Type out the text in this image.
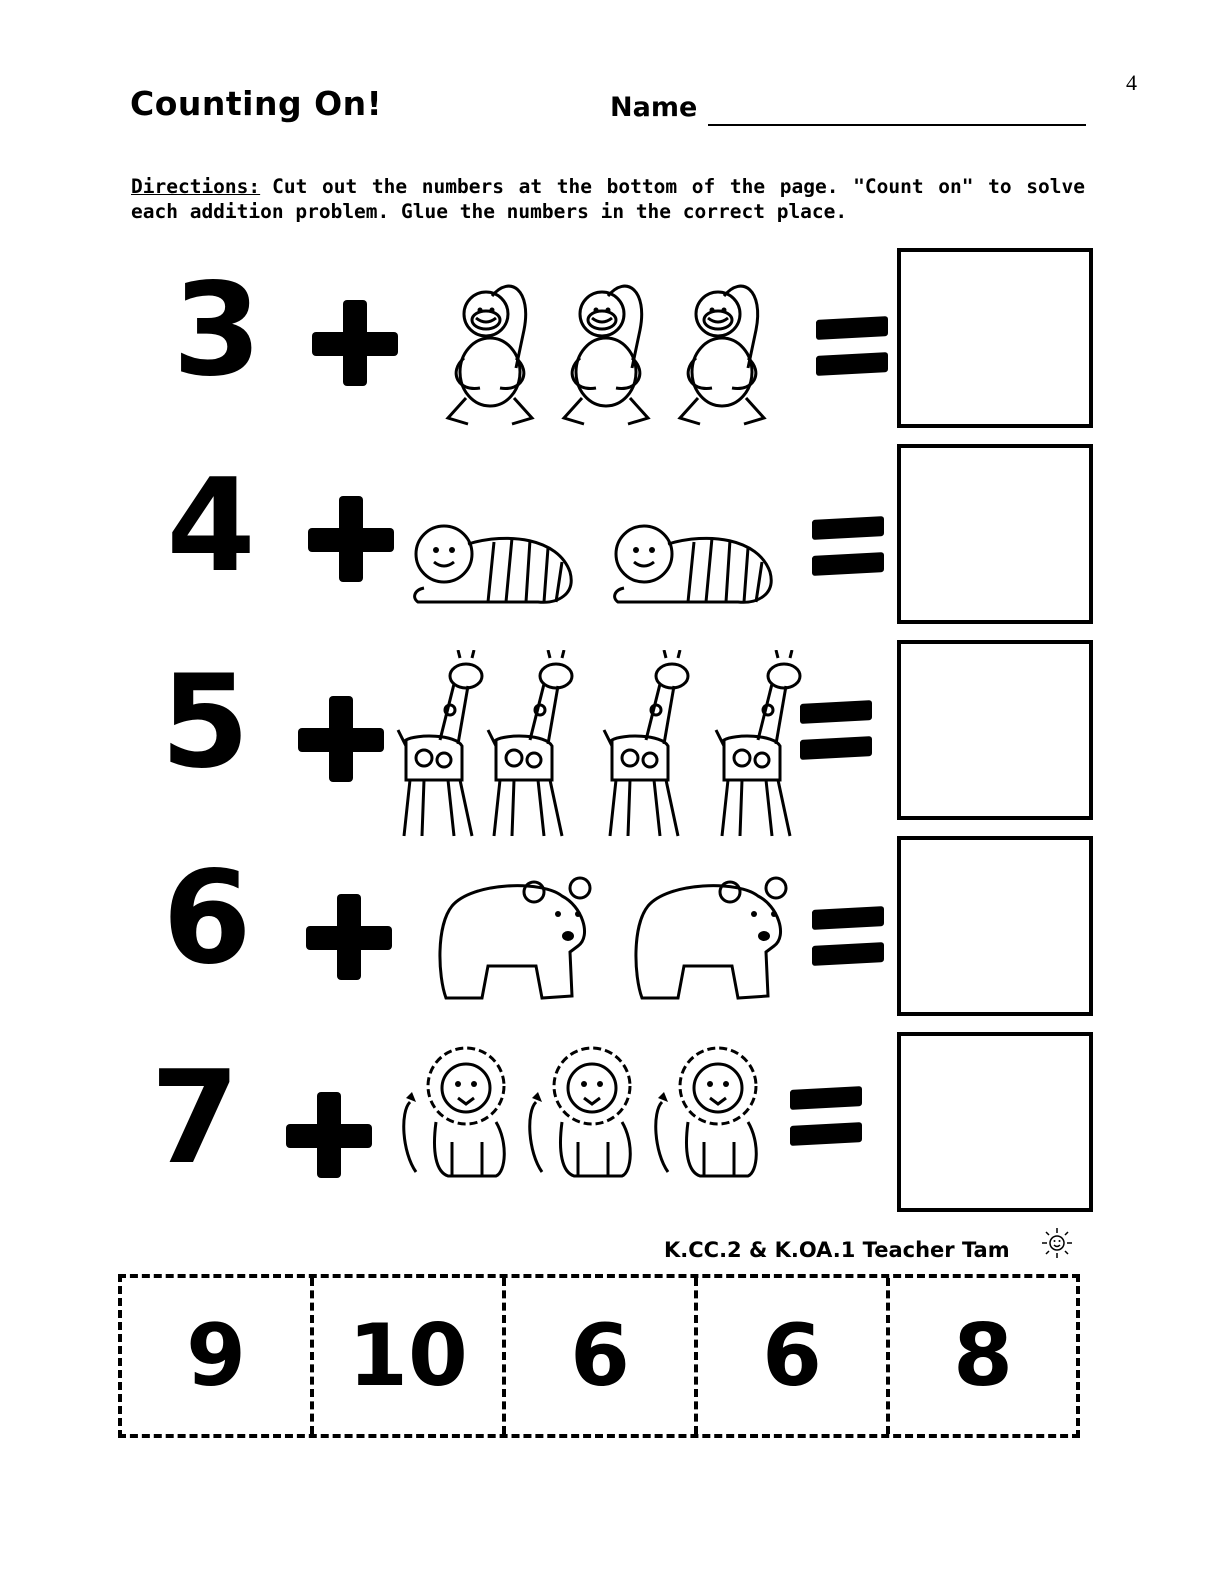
4
Counting On!	Name
Directions: Cut out the numbers at the bottom of the page. "Count on" to solve each addition problem. Glue the numbers in the correct place.
3
4
5
6
7
K.CC.2 & K.OA.1 Teacher Tam
9	10	6	6	8
